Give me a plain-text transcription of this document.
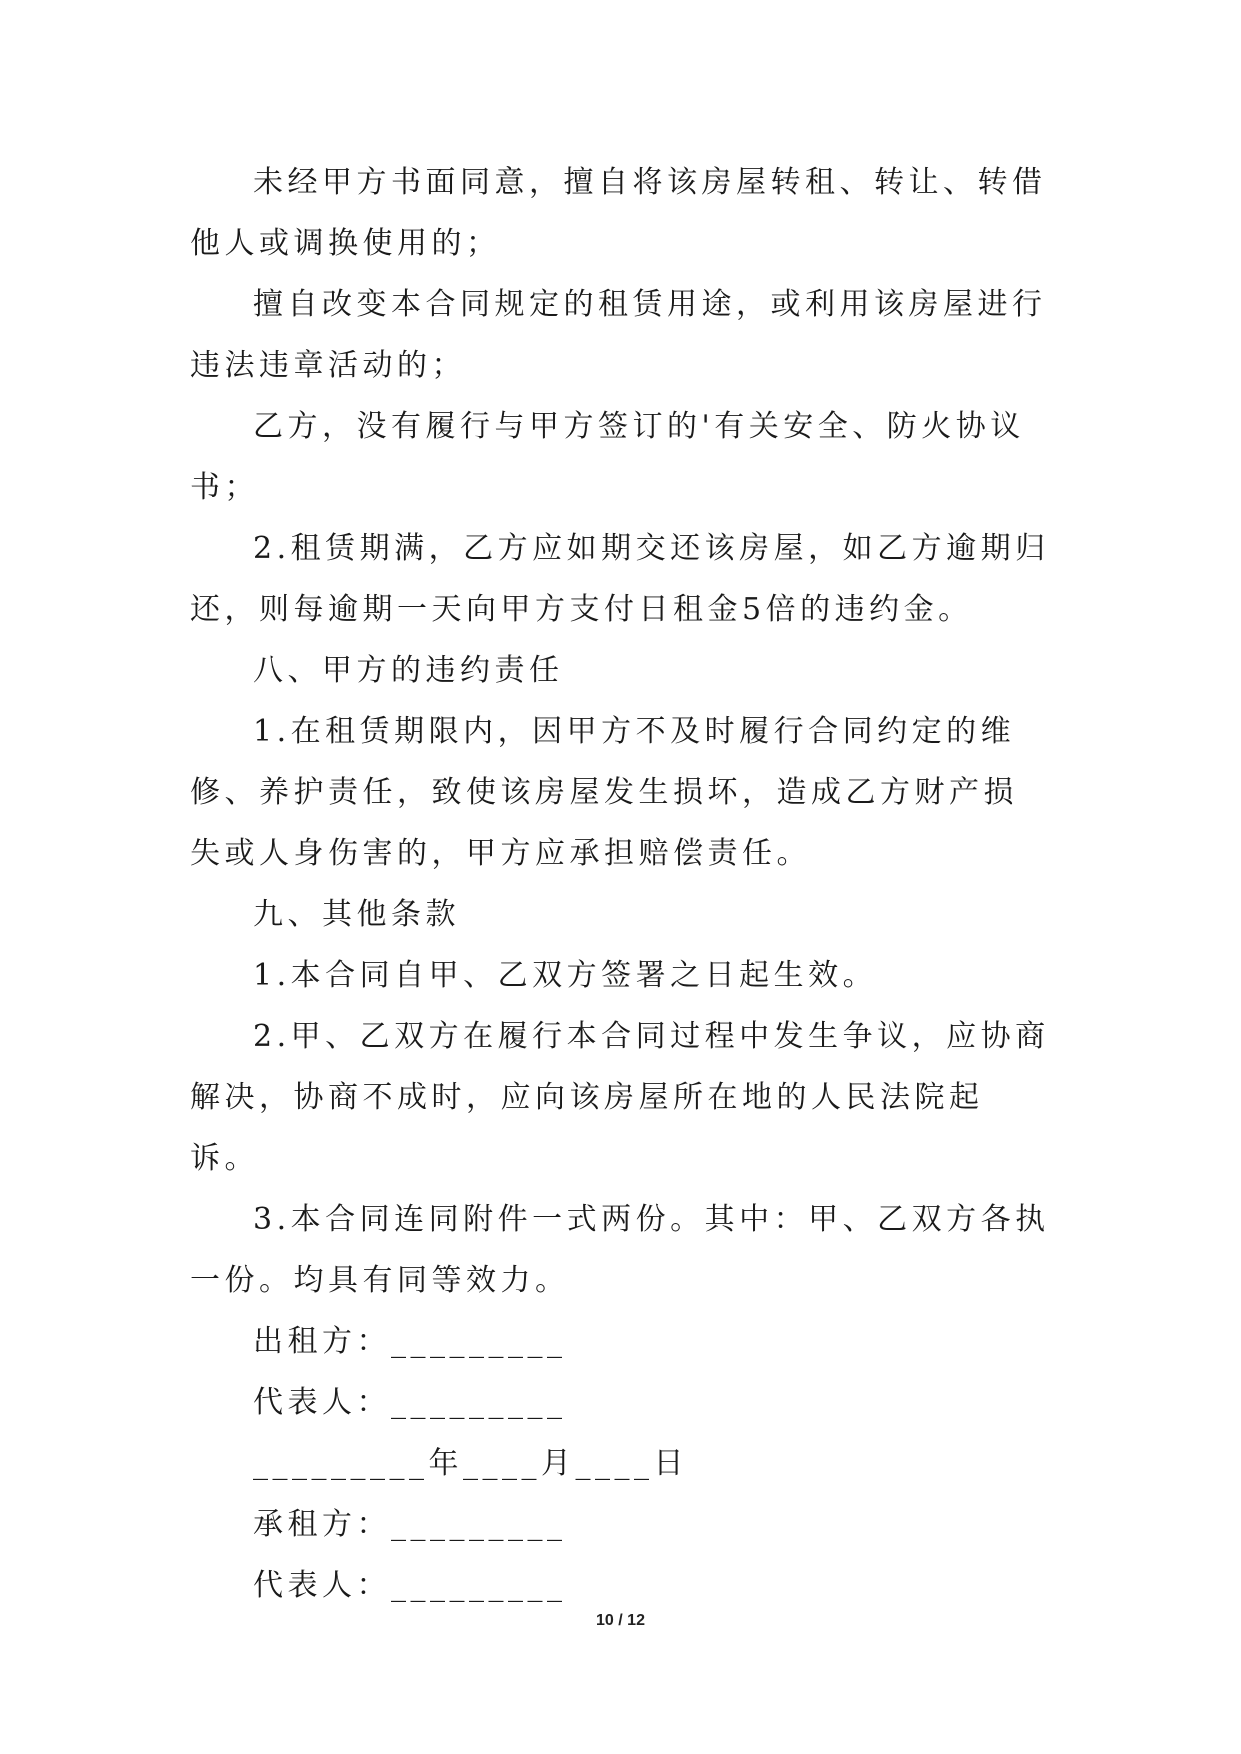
未经甲方书面同意，擅自将该房屋转租、转让、转借他人或调换使用的；

擅自改变本合同规定的租赁用途，或利用该房屋进行违法违章活动的；

乙方，没有履行与甲方签订的'有关安全、防火协议书；

2.租赁期满，乙方应如期交还该房屋，如乙方逾期归还，则每逾期一天向甲方支付日租金5倍的违约金。

八、甲方的违约责任

1.在租赁期限内，因甲方不及时履行合同约定的维修、养护责任，致使该房屋发生损坏，造成乙方财产损失或人身伤害的，甲方应承担赔偿责任。

九、其他条款

1.本合同自甲、乙双方签署之日起生效。

2.甲、乙双方在履行本合同过程中发生争议，应协商解决，协商不成时，应向该房屋所在地的人民法院起诉。

3.本合同连同附件一式两份。其中：甲、乙双方各执一份。均具有同等效力。

出租方：_________

代表人：_________

_________年____月____日

承租方：_________

代表人：_________

10 / 12
